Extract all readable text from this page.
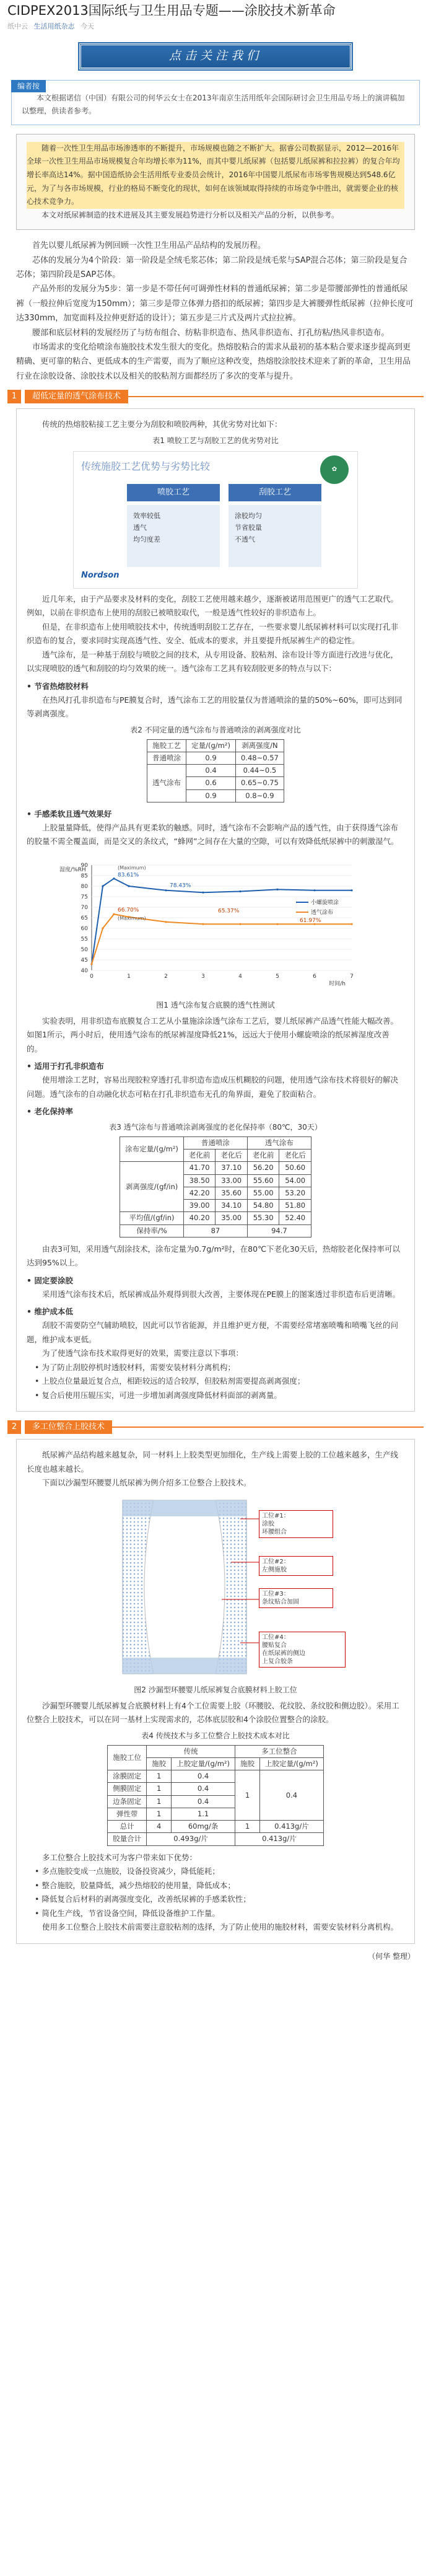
CIDPEX2013国际纸与卫生用品专题——涂胶技术新革命
纸中云 生活用纸杂志 今天
点击关注我们
编者按

本文根据诺信（中国）有限公司的何华云女士在2013年南京生活用纸年会国际研讨会卫生用品专场上的演讲稿加以整理，供读者参考。

随着一次性卫生用品市场渗透率的不断提升，市场规模也随之不断扩大。据睿公司数据显示，2012—2016年全球一次性卫生用品市场规模复合年均增长率为11%，而其中婴儿纸尿裤（包括婴儿纸尿裤和拉拉裤）的复合年均增长率高达14%。据中国造纸协会生活用纸专业委员会统计，2016年中国婴儿纸尿布市场零售规模达到548.6亿元，为了与各市场规模，行业的格局不断变化的现状，如何在该领域取得持续的市场竞争中胜出，就需要企业的核心技术竞争力。

本文对纸尿裤制造的技术进展及其主要发展趋势进行分析以及相关产品的分析，以供参考。

首先以婴儿纸尿裤为例回顾一次性卫生用品产品结构的发展历程。

芯体的发展分为4个阶段：第一阶段是全绒毛浆芯体；第二阶段是绒毛浆与SAP混合芯体；第三阶段是复合芯体；第四阶段是SAP芯体。

产品外形的发展分为5步：第一步是不带任何可调弹性材料的普通纸尿裤；第二步是带腰部弹性的普通纸尿裤（一般拉伸后宽度为150mm）；第三步是带立体弹力搭扣的纸尿裤；第四步是大裤腰弹性纸尿裤（拉伸长度可达330mm，加宽面料及拉伸更舒适的设计）；第五步是三片式及两片式拉拉裤。

腰部和底层材料的发展经历了与纺布组合、纺粘非织造布、热风非织造布、打孔纺粘/热风非织造布。

市场需求的变化给喷涂布施胶技术发生很大的变化。热熔胶粘合的需求从最初的基本粘合要求逐步提高到更精确、更可靠的粘合、更低成本的生产需要，而为了顺应这种改变，热熔胶涂胶技术迎来了新的革命，卫生用品行业在涂胶设备、涂胶技术以及相关的胶粘剂方面都经历了多次的变革与提升。

1	超低定量的透气涂布技术

传统的热熔胶粘接工艺主要分为刮胶和喷胶两种，其优劣势对比如下：

表1 喷胶工艺与刮胶工艺的优劣势对比
传统施胶工艺优势与劣势比较	✿
喷胶工艺	刮胶工艺
效率较低
透气
均匀度差
涂胶均匀
节省胶量
不透气
Nordson

近几年来，由于产品要求及材料的变化，刮胶工艺使用越来越少，逐渐被诺用范围更广的透气工艺取代。例如，以前在非织造布上使用的刮胶已被喷胶取代，一般是透气性较好的非织造布上。

但是，在非织造布上使用喷胶技术中，传统透明刮胶工艺存在，一些要求婴儿纸尿裤材料可以实现打孔非织造布的复合，要求同时实现高透气性、安全、低成本的要求，并且要提升纸尿裤生产的稳定性。

透气涂布，是一种基于刮胶与喷胶之间的技术，从专用设备、胶粘剂、涂布设计等方面进行改进与优化，以实现喷胶的透气和刮胶的均匀效果的统一。透气涂布工艺具有较刮胶更多的特点与以下：

• 节省热熔胶材料

在热风打孔非织造布与PE膜复合时，透气涂布工艺的用胶量仅为普通喷涂的量的50%~60%，即可达到同等剥离强度。

表2 不同定量的透气涂布与普通喷涂的剥离强度对比
施胶工艺	定量/(g/m²)	剥离强度/N
普通喷涂	0.9	0.48~0.57
透气涂布	0.4	0.44~0.5
	0.6	0.65~0.75
	0.9	0.8~0.9
• 手感柔软且透气效果好

上胶量量降低，使得产品具有更柔软的触感。同时，透气涂布不会影响产品的透气性，由于获得透气涂布的胶量不需全覆盖面，而是交叉的条纹式，“蜂网”之间存在大量的空隙，可以有效降低纸尿裤中的刺激湿气。

90
85
80
75
70
65
60
55
50
45
40
0	1	2	3	4	5	6	7
湿度/%RH
时间/h
小螺旋喷涂
透气涂布
83.61%
78.43%
65.37%
66.70%
61.97%
(Maximum)
(Maximum)
图1 透气涂布复合底膜的透气性测试

实验表明，用非织造布底膜复合工艺从小量施涂涂透气涂布工艺后，婴儿纸尿裤产品透气性能大幅改善。如图1所示，两小时后，使用透气涂布的纸尿裤湿度降低21%，远远大于使用小螺旋喷涂的纸尿裤湿度改善的。

• 适用于打孔非织造布

使用增涂工艺时，容易出现胶粒穿透打孔非织造布造成压机糊胶的问题，使用透气涂布技术将很好的解决问题。透气涂布的自动融化状态可粘在打孔非织造布无孔的角界面，避免了胶面粘合。

• 老化保持率
表3 透气涂布与普通喷涂剥离强度的老化保持率（80℃，30天）
涂布定量/(g/m²)	普通喷涂		透气涂布	
	老化前	老化后	老化前	老化后
剥离强度/(gf/in)	41.70	37.10	56.20	50.60
	38.50	33.00	55.60	54.00
	42.20	35.60	55.00	53.20
	39.00	34.10	54.80	51.80
平均值/(gf/in)	40.20	35.00	55.30	52.40
保持率/%	87		94.7	

由表3可知，采用透气刮涂技术，涂布定量为0.7g/m²时，在80℃下老化30天后，热熔胶老化保持率可以达到95%以上。

• 固定要涂胶

采用透气涂布技术后，纸尿裤成品外观得到很大改善，主要体现在PE膜上的图案透过非织造布后更清晰。

• 维护成本低

刮胶不需要防空气辅助喷胶，因此可以节省能源，并且维护更方便，不需要经常堵塞喷嘴和喷嘴飞丝的问题，维护成本更低。

为了使透气涂布技术取得更好的效果，需要注意以下事项：

• 为了防止刮胶停机时透胶材料，需要安装材料分离机构；
• 上胶点位量最近复合点，相距较远的适合较厚，但胶粘剂需要提高剥离强度；
• 复合后使用压辊压实，可进一步增加剥离强度降低材料面部的剥离量。
2	多工位整合上胶技术

纸尿裤产品结构越来越复杂，同一材料上上胶类型更加细化，生产线上需要上胶的工位越来越多，生产线长度也越来越长。

下面以沙漏型环腰婴儿纸尿裤为例介绍多工位整合上胶技术。

工位#1：
涂胶
环腰组合
工位#2：
左侧施胶
工位#3：
条纹贴合加固
工位#4：
腰贴复合
在纸尿裤的侧边
上复合胶条
图2 沙漏型环腰婴儿纸尿裤复合底膜材料上胶工位

沙漏型环腰婴儿纸尿裤复合底膜材料上有4个工位需要上胶（环腰胶、花纹胶、条纹胶和侧边胶）。采用工位整合上胶技术，可以在同一基材上实现需求的，芯体底层胶和4个涂胶位置整合的涂胶。

表4 传统技术与多工位整合上胶技术成本对比
施胶工位	传统		多工位整合	
	施胶	上胶定量/(g/m²)	施胶	上胶定量/(g/m²)
涂膜固定	1	0.4	1	0.4
侧膜固定	1	0.4		
边条固定	1	0.4		
弹性带	1	1.1		
总计	4	60mg/条	1	0.413g/片
胶量合计	0.493g/片		0.413g/片	

多工位整合上胶技术可为客户带来如下优势：

• 多点施胶变成一点施胶，设备投资减少，降低能耗；
• 整合施胶，胶量降低，减少热熔胶的使用量，降低成本；
• 降低复合后材料的剥离强度变化，改善纸尿裤的手感柔软性；
• 简化生产线，节省设备空间，降低设备维护工作量。

使用多工位整合上胶技术前需要注意胶粘剂的选择，为了防止使用的施胶材料，需要安装材料分离机构。

（何华 整理）
